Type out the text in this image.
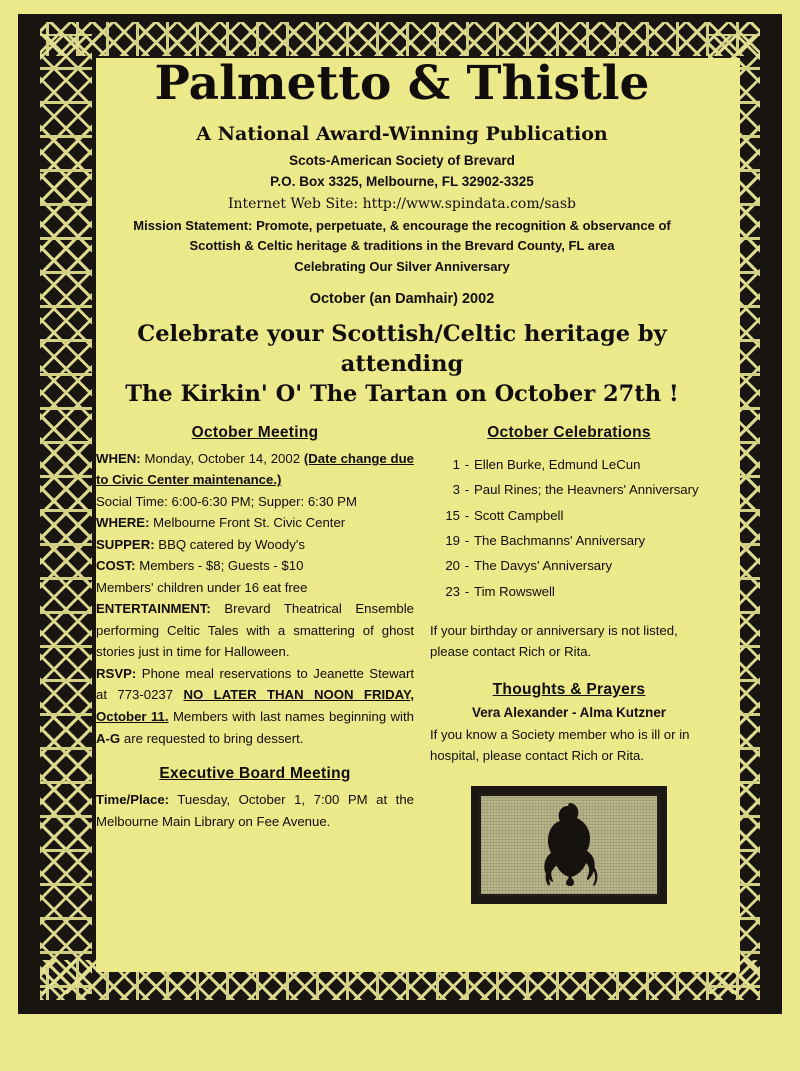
Palmetto & Thistle
A National Award-Winning Publication
Scots-American Society of Brevard
P.O. Box 3325, Melbourne, FL 32902-3325
Internet Web Site: http://www.spindata.com/sasb
Mission Statement: Promote, perpetuate, & encourage the recognition & observance of
Scottish & Celtic heritage & traditions in the Brevard County, FL area
Celebrating Our Silver Anniversary
October (an Damhair) 2002
Celebrate your Scottish/Celtic heritage by attending
The Kirkin' O' The Tartan on October 27th !
October Meeting

WHEN: Monday, October 14, 2002 (Date change due to Civic Center maintenance.)

Social Time: 6:00-6:30 PM; Supper: 6:30 PM

WHERE: Melbourne Front St. Civic Center

SUPPER: BBQ catered by Woody's

COST: Members - $8; Guests - $10

Members' children under 16 eat free

ENTERTAINMENT: Brevard Theatrical Ensemble performing Celtic Tales with a smattering of ghost stories just in time for Halloween.

RSVP: Phone meal reservations to Jeanette Stewart at 773-0237 NO LATER THAN NOON FRIDAY, October 11. Members with last names beginning with A-G are requested to bring dessert.

Executive Board Meeting

Time/Place: Tuesday, October 1, 7:00 PM at the Melbourne Main Library on Fee Avenue.

October Celebrations
1 - Ellen Burke, Edmund LeCun
3 - Paul Rines; the Heavners' Anniversary
15 - Scott Campbell
19 - The Bachmanns' Anniversary
20 - The Davys' Anniversary
23 - Tim Rowswell
If your birthday or anniversary is not listed, please contact Rich or Rita.
Thoughts & Prayers
Vera Alexander - Alma Kutzner
If you know a Society member who is ill or in hospital, please contact Rich or Rita.
